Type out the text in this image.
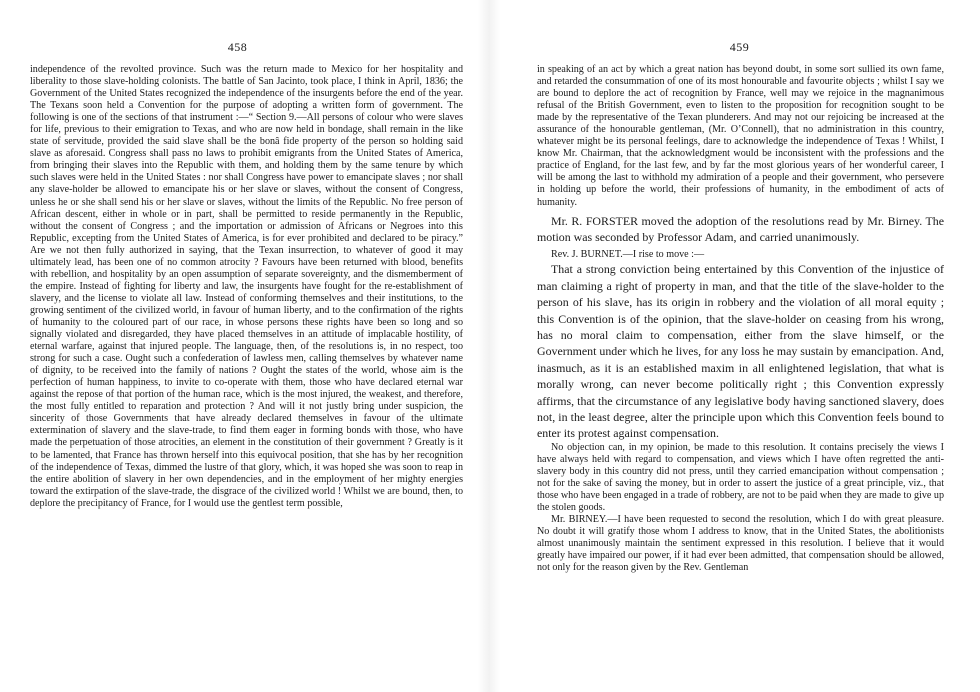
458

independence of the revolted province. Such was the return made to Mexico for her hospitality and liberality to those slave-holding colonists. The battle of San Jacinto, took place, I think in April, 1836; the Government of the United States recognized the independence of the insurgents before the end of the year. The Texans soon held a Convention for the purpose of adopting a written form of government. The following is one of the sections of that instrument :—“ Section 9.—All persons of colour who were slaves for life, previous to their emigration to Texas, and who are now held in bondage, shall remain in the like state of servitude, provided the said slave shall be the bonâ fide property of the person so holding said slave as aforesaid. Congress shall pass no laws to prohibit emigrants from the United States of America, from bringing their slaves into the Republic with them, and holding them by the same tenure by which such slaves were held in the United States : nor shall Congress have power to emancipate slaves ; nor shall any slave-holder be allowed to emancipate his or her slave or slaves, without the consent of Congress, unless he or she shall send his or her slave or slaves, without the limits of the Republic. No free person of African descent, either in whole or in part, shall be permitted to reside permanently in the Republic, without the consent of Congress ; and the importation or admission of Africans or Negroes into this Republic, excepting from the United States of America, is for ever prohibited and declared to be piracy.” Are we not then fully authorized in saying, that the Texan insurrection, to whatever of good it may ultimately lead, has been one of no common atrocity ? Favours have been returned with blood, benefits with rebellion, and hospitality by an open assumption of separate sovereignty, and the dismemberment of the empire. Instead of fighting for liberty and law, the insurgents have fought for the re-establishment of slavery, and the license to violate all law. Instead of conforming themselves and their institutions, to the growing sentiment of the civilized world, in favour of human liberty, and to the confirmation of the rights of humanity to the coloured part of our race, in whose persons these rights have been so long and so signally violated and disregarded, they have placed themselves in an attitude of implacable hostility, of eternal warfare, against that injured people. The language, then, of the resolutions is, in no respect, too strong for such a case. Ought such a confederation of lawless men, calling themselves by whatever name of dignity, to be received into the family of nations ? Ought the states of the world, whose aim is the perfection of human happiness, to invite to co-operate with them, those who have declared eternal war against the repose of that portion of the human race, which is the most injured, the weakest, and therefore, the most fully entitled to reparation and protection ? And will it not justly bring under suspicion, the sincerity of those Governments that have already declared themselves in favour of the ultimate extermination of slavery and the slave-trade, to find them eager in forming bonds with those, who have made the perpetuation of those atrocities, an element in the constitution of their government ? Greatly is it to be lamented, that France has thrown herself into this equivocal position, that she has by her recognition of the independence of Texas, dimmed the lustre of that glory, which, it was hoped she was soon to reap in the entire abolition of slavery in her own dependencies, and in the employment of her mighty energies toward the extirpation of the slave-trade, the disgrace of the civilized world ! Whilst we are bound, then, to deplore the precipitancy of France, for I would use the gentlest term possible,

459

in speaking of an act by which a great nation has beyond doubt, in some sort sullied its own fame, and retarded the consummation of one of its most honourable and favourite objects ; whilst I say we are bound to deplore the act of recognition by France, well may we rejoice in the magnanimous refusal of the British Government, even to listen to the proposition for recognition sought to be made by the representative of the Texan plunderers. And may not our rejoicing be increased at the assurance of the honourable gentleman, (Mr. O’Connell), that no administration in this country, whatever might be its personal feelings, dare to acknowledge the independence of Texas ! Whilst, I know Mr. Chairman, that the acknowledgment would be inconsistent with the professions and the practice of England, for the last few, and by far the most glorious years of her wonderful career, I will be among the last to withhold my admiration of a people and their government, who persevere in holding up before the world, their professions of humanity, in the embodiment of acts of humanity.

Mr. R. FORSTER moved the adoption of the resolutions read by Mr. Birney. The motion was seconded by Professor Adam, and carried unanimously.

Rev. J. BURNET.—I rise to move :—

That a strong conviction being entertained by this Convention of the injustice of man claiming a right of property in man, and that the title of the slave-holder to the person of his slave, has its origin in robbery and the violation of all moral equity ; this Convention is of the opinion, that the slave-holder on ceasing from his wrong, has no moral claim to compensation, either from the slave himself, or the Government under which he lives, for any loss he may sustain by emancipation. And, inasmuch, as it is an established maxim in all enlightened legislation, that what is morally wrong, can never become politically right ; this Convention expressly affirms, that the circumstance of any legislative body having sanctioned slavery, does not, in the least degree, alter the principle upon which this Convention feels bound to enter its protest against compensation.

No objection can, in my opinion, be made to this resolution. It contains precisely the views I have always held with regard to compensation, and views which I have often regretted the anti-slavery body in this country did not press, until they carried emancipation without compensation ; not for the sake of saving the money, but in order to assert the justice of a great principle, viz., that those who have been engaged in a trade of robbery, are not to be paid when they are made to give up the stolen goods.

Mr. BIRNEY.—I have been requested to second the resolution, which I do with great pleasure. No doubt it will gratify those whom I address to know, that in the United States, the abolitionists almost unanimously maintain the sentiment expressed in this resolution. I believe that it would greatly have impaired our power, if it had ever been admitted, that compensation should be allowed, not only for the reason given by the Rev. Gentleman
